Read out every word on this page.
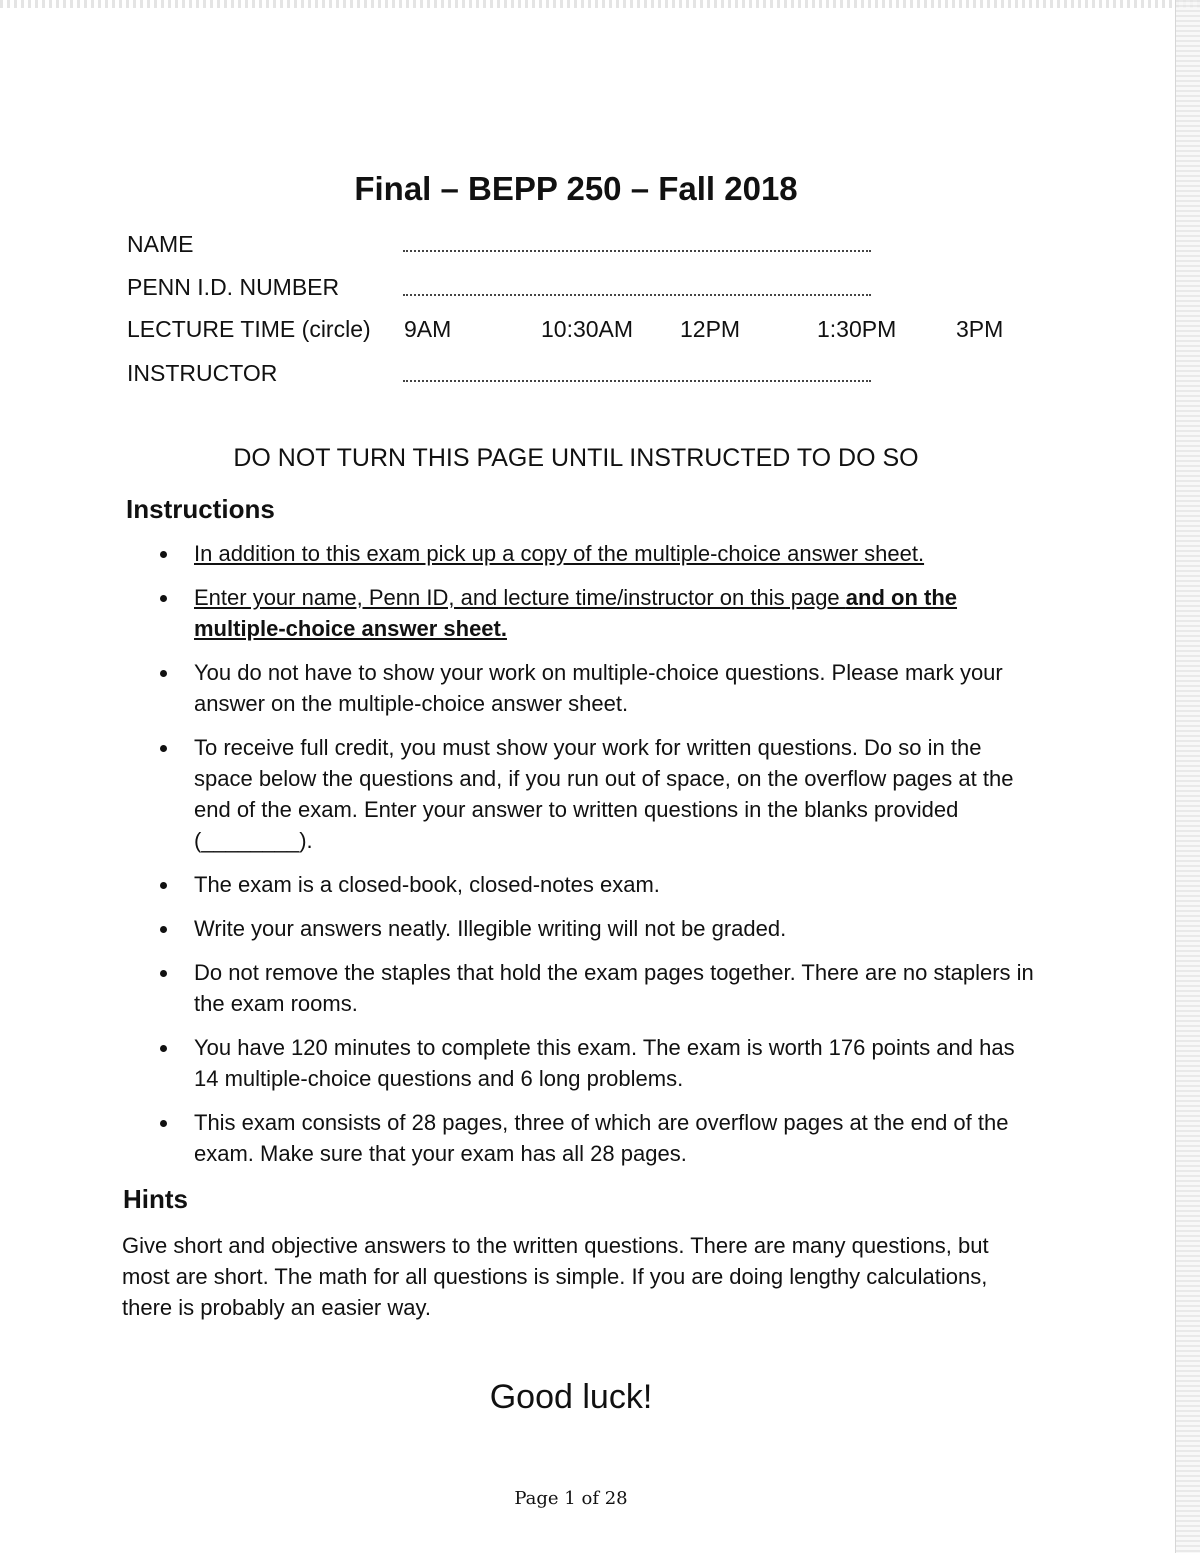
Final – BEPP 250 – Fall 2018

NAME

PENN I.D. NUMBER

LECTURE TIME (circle) 9AM	10:30AM 12PM	1:30PM	3PM

INSTRUCTOR

DO NOT TURN THIS PAGE UNTIL INSTRUCTED TO DO SO

Instructions
In addition to this exam pick up a copy of the multiple-choice answer sheet.
Enter your name, Penn ID, and lecture time/instructor on this page and on the multiple-choice answer sheet.
You do not have to show your work on multiple-choice questions. Please mark your answer on the multiple-choice answer sheet.
To receive full credit, you must show your work for written questions. Do so in the space below the questions and, if you run out of space, on the overflow pages at the end of the exam. Enter your answer to written questions in the blanks provided (________).
The exam is a closed-book, closed-notes exam.
Write your answers neatly. Illegible writing will not be graded.
Do not remove the staples that hold the exam pages together. There are no staplers in the exam rooms.
You have 120 minutes to complete this exam. The exam is worth 176 points and has 14 multiple-choice questions and 6 long problems.
This exam consists of 28 pages, three of which are overflow pages at the end of the exam. Make sure that your exam has all 28 pages.
Hints

Give short and objective answers to the written questions. There are many questions, but most are short. The math for all questions is simple. If you are doing lengthy calculations, there is probably an easier way.

Good luck!

Page 1 of 28
